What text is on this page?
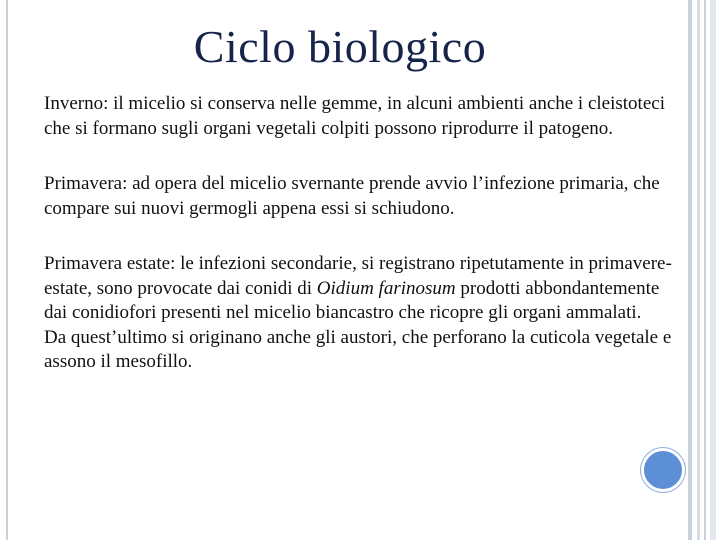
Ciclo biologico

Inverno: il micelio si conserva nelle gemme, in alcuni ambienti anche i cleistoteci che si formano sugli organi vegetali colpiti possono riprodurre il patogeno.

Primavera: ad opera del micelio svernante prende avvio l’infezione primaria, che compare sui nuovi germogli appena essi si schiudono.

Primavera estate: le infezioni secondarie, si registrano ripetutamente in primavere-estate, sono provocate dai conidi di Oidium farinosum prodotti abbondantemente dai conidiofori presenti nel micelio biancastro che ricopre gli organi ammalati.

Da quest’ultimo si originano anche gli austori, che perforano la cuticola vegetale e assono il mesofillo.
